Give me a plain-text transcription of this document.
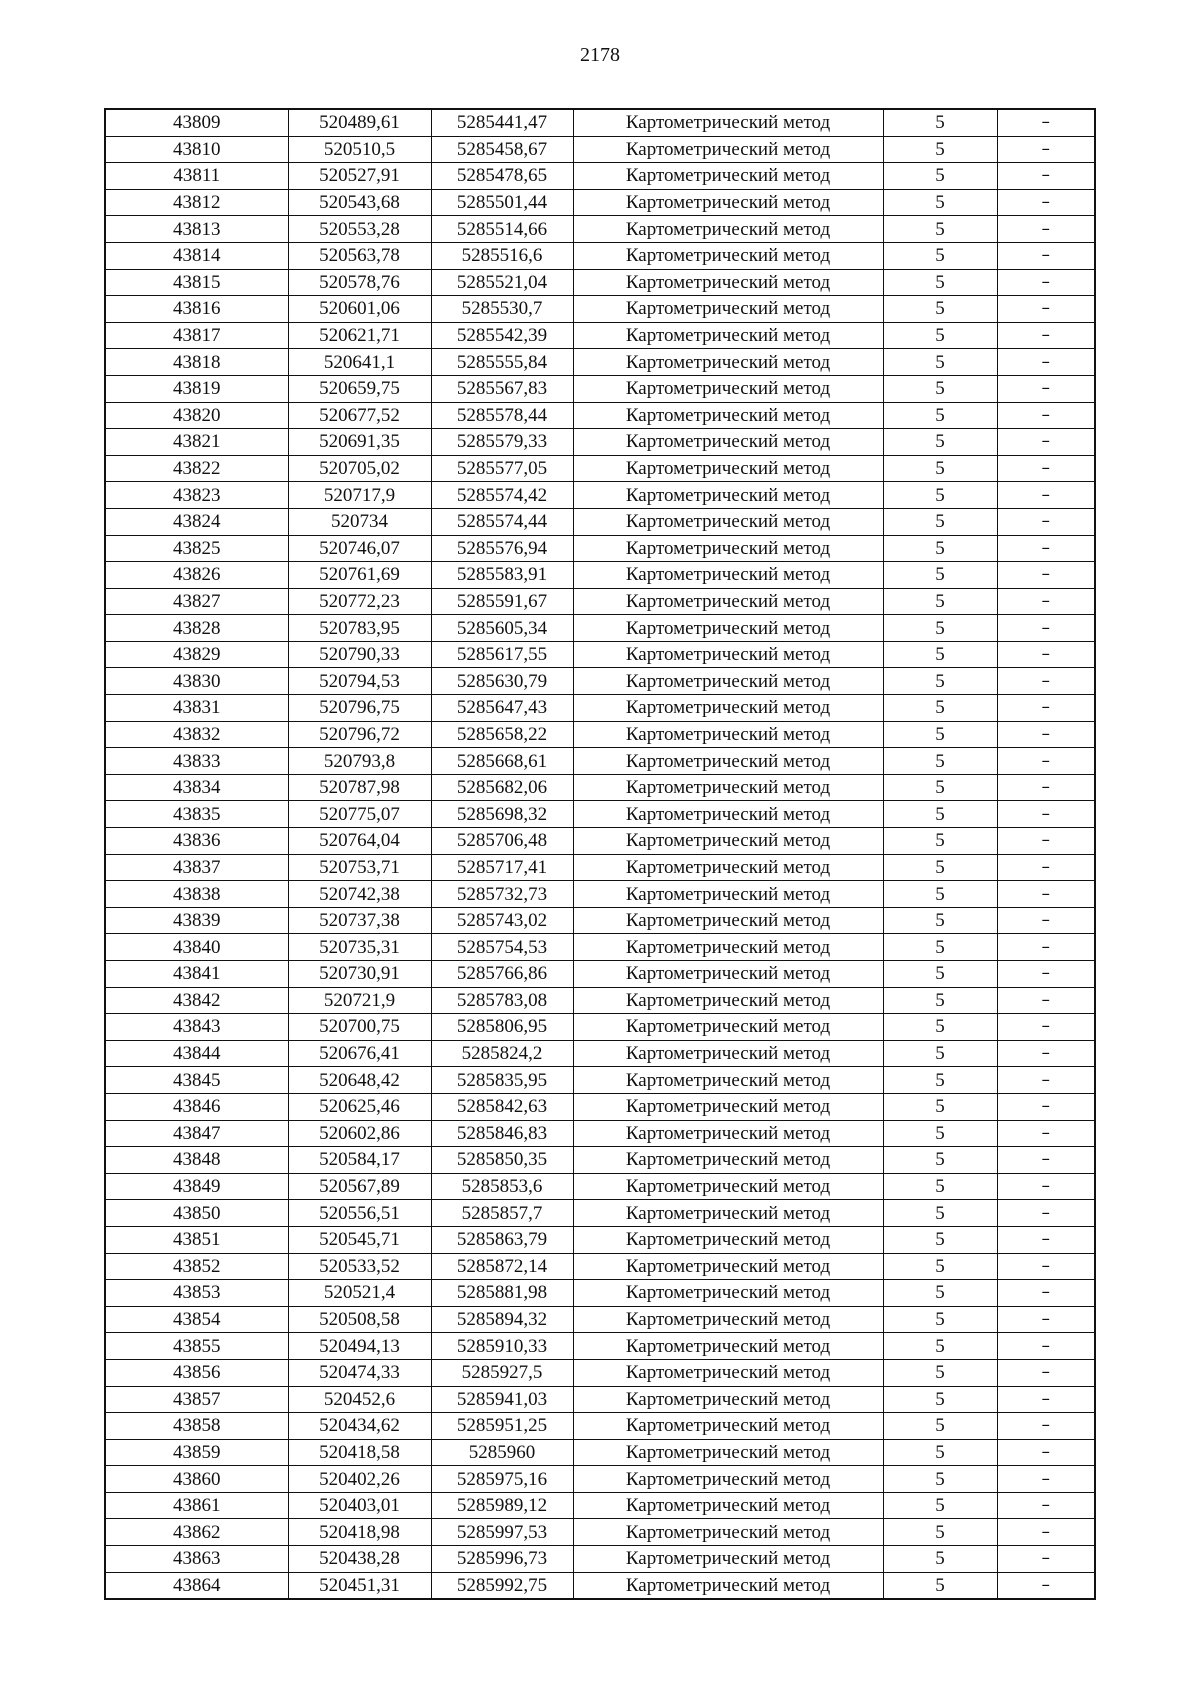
2178
43809	520489,61	5285441,47	Картометрический метод	5	–
43810	520510,5	5285458,67	Картометрический метод	5	–
43811	520527,91	5285478,65	Картометрический метод	5	–
43812	520543,68	5285501,44	Картометрический метод	5	–
43813	520553,28	5285514,66	Картометрический метод	5	–
43814	520563,78	5285516,6	Картометрический метод	5	–
43815	520578,76	5285521,04	Картометрический метод	5	–
43816	520601,06	5285530,7	Картометрический метод	5	–
43817	520621,71	5285542,39	Картометрический метод	5	–
43818	520641,1	5285555,84	Картометрический метод	5	–
43819	520659,75	5285567,83	Картометрический метод	5	–
43820	520677,52	5285578,44	Картометрический метод	5	–
43821	520691,35	5285579,33	Картометрический метод	5	–
43822	520705,02	5285577,05	Картометрический метод	5	–
43823	520717,9	5285574,42	Картометрический метод	5	–
43824	520734	5285574,44	Картометрический метод	5	–
43825	520746,07	5285576,94	Картометрический метод	5	–
43826	520761,69	5285583,91	Картометрический метод	5	–
43827	520772,23	5285591,67	Картометрический метод	5	–
43828	520783,95	5285605,34	Картометрический метод	5	–
43829	520790,33	5285617,55	Картометрический метод	5	–
43830	520794,53	5285630,79	Картометрический метод	5	–
43831	520796,75	5285647,43	Картометрический метод	5	–
43832	520796,72	5285658,22	Картометрический метод	5	–
43833	520793,8	5285668,61	Картометрический метод	5	–
43834	520787,98	5285682,06	Картометрический метод	5	–
43835	520775,07	5285698,32	Картометрический метод	5	–
43836	520764,04	5285706,48	Картометрический метод	5	–
43837	520753,71	5285717,41	Картометрический метод	5	–
43838	520742,38	5285732,73	Картометрический метод	5	–
43839	520737,38	5285743,02	Картометрический метод	5	–
43840	520735,31	5285754,53	Картометрический метод	5	–
43841	520730,91	5285766,86	Картометрический метод	5	–
43842	520721,9	5285783,08	Картометрический метод	5	–
43843	520700,75	5285806,95	Картометрический метод	5	–
43844	520676,41	5285824,2	Картометрический метод	5	–
43845	520648,42	5285835,95	Картометрический метод	5	–
43846	520625,46	5285842,63	Картометрический метод	5	–
43847	520602,86	5285846,83	Картометрический метод	5	–
43848	520584,17	5285850,35	Картометрический метод	5	–
43849	520567,89	5285853,6	Картометрический метод	5	–
43850	520556,51	5285857,7	Картометрический метод	5	–
43851	520545,71	5285863,79	Картометрический метод	5	–
43852	520533,52	5285872,14	Картометрический метод	5	–
43853	520521,4	5285881,98	Картометрический метод	5	–
43854	520508,58	5285894,32	Картометрический метод	5	–
43855	520494,13	5285910,33	Картометрический метод	5	–
43856	520474,33	5285927,5	Картометрический метод	5	–
43857	520452,6	5285941,03	Картометрический метод	5	–
43858	520434,62	5285951,25	Картометрический метод	5	–
43859	520418,58	5285960	Картометрический метод	5	–
43860	520402,26	5285975,16	Картометрический метод	5	–
43861	520403,01	5285989,12	Картометрический метод	5	–
43862	520418,98	5285997,53	Картометрический метод	5	–
43863	520438,28	5285996,73	Картометрический метод	5	–
43864	520451,31	5285992,75	Картометрический метод	5	–
